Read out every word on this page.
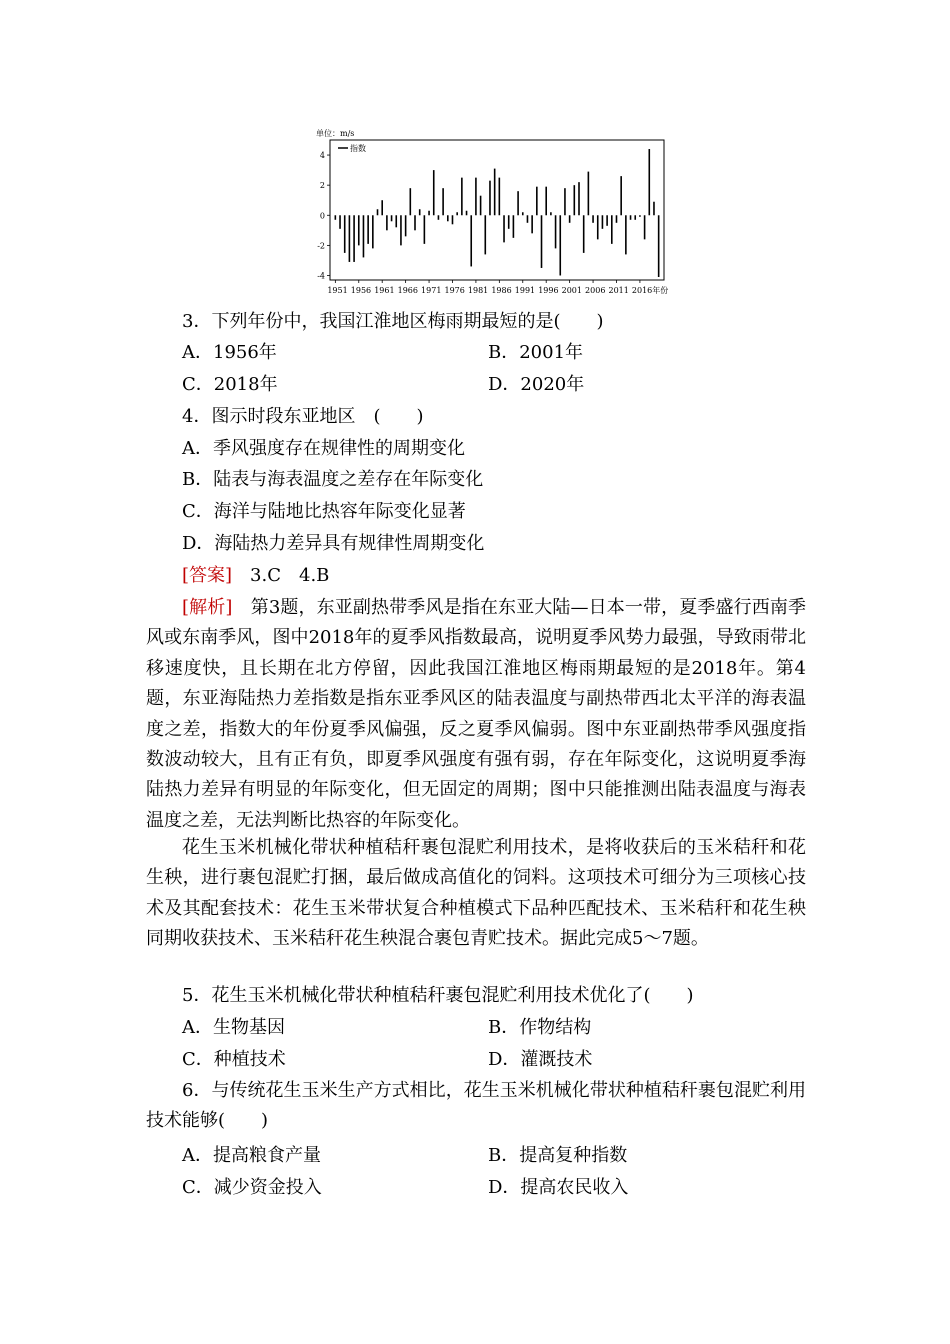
单位：m/s
指数
-4
-2
0
2
4
1951 1956 1961 1966 1971 1976 1981 1986 1991 1996 2001 2006 2011 2016年份
3．下列年份中，我国江淮地区梅雨期最短的是(　　)
A．1956年	B．2001年
C．2018年	D．2020年
4．图示时段东亚地区　(　　)
A．季风强度存在规律性的周期变化
B．陆表与海表温度之差存在年际变化
C．海洋与陆地比热容年际变化显著
D．海陆热力差异具有规律性周期变化
[答案]　3.C　4.B
[解析]　第3题，东亚副热带季风是指在东亚大陆—日本一带，夏季盛行西南季风或东南季风，图中2018年的夏季风指数最高，说明夏季风势力最强，导致雨带北移速度快，且长期在北方停留，因此我国江淮地区梅雨期最短的是2018年。第4题，东亚海陆热力差指数是指东亚季风区的陆表温度与副热带西北太平洋的海表温度之差，指数大的年份夏季风偏强，反之夏季风偏弱。图中东亚副热带季风强度指数波动较大，且有正有负，即夏季风强度有强有弱，存在年际变化，这说明夏季海陆热力差异有明显的年际变化，但无固定的周期；图中只能推测出陆表温度与海表温度之差，无法判断比热容的年际变化。
花生玉米机械化带状种植秸秆裹包混贮利用技术，是将收获后的玉米秸秆和花生秧，进行裹包混贮打捆，最后做成高值化的饲料。这项技术可细分为三项核心技术及其配套技术：花生玉米带状复合种植模式下品种匹配技术、玉米秸秆和花生秧同期收获技术、玉米秸秆花生秧混合裹包青贮技术。据此完成5～7题。
5．花生玉米机械化带状种植秸秆裹包混贮利用技术优化了(　　)
A．生物基因	B．作物结构
C．种植技术	D．灌溉技术
6．与传统花生玉米生产方式相比，花生玉米机械化带状种植秸秆裹包混贮利用技术能够(　　)
A．提高粮食产量	B．提高复种指数
C．减少资金投入	D．提高农民收入
